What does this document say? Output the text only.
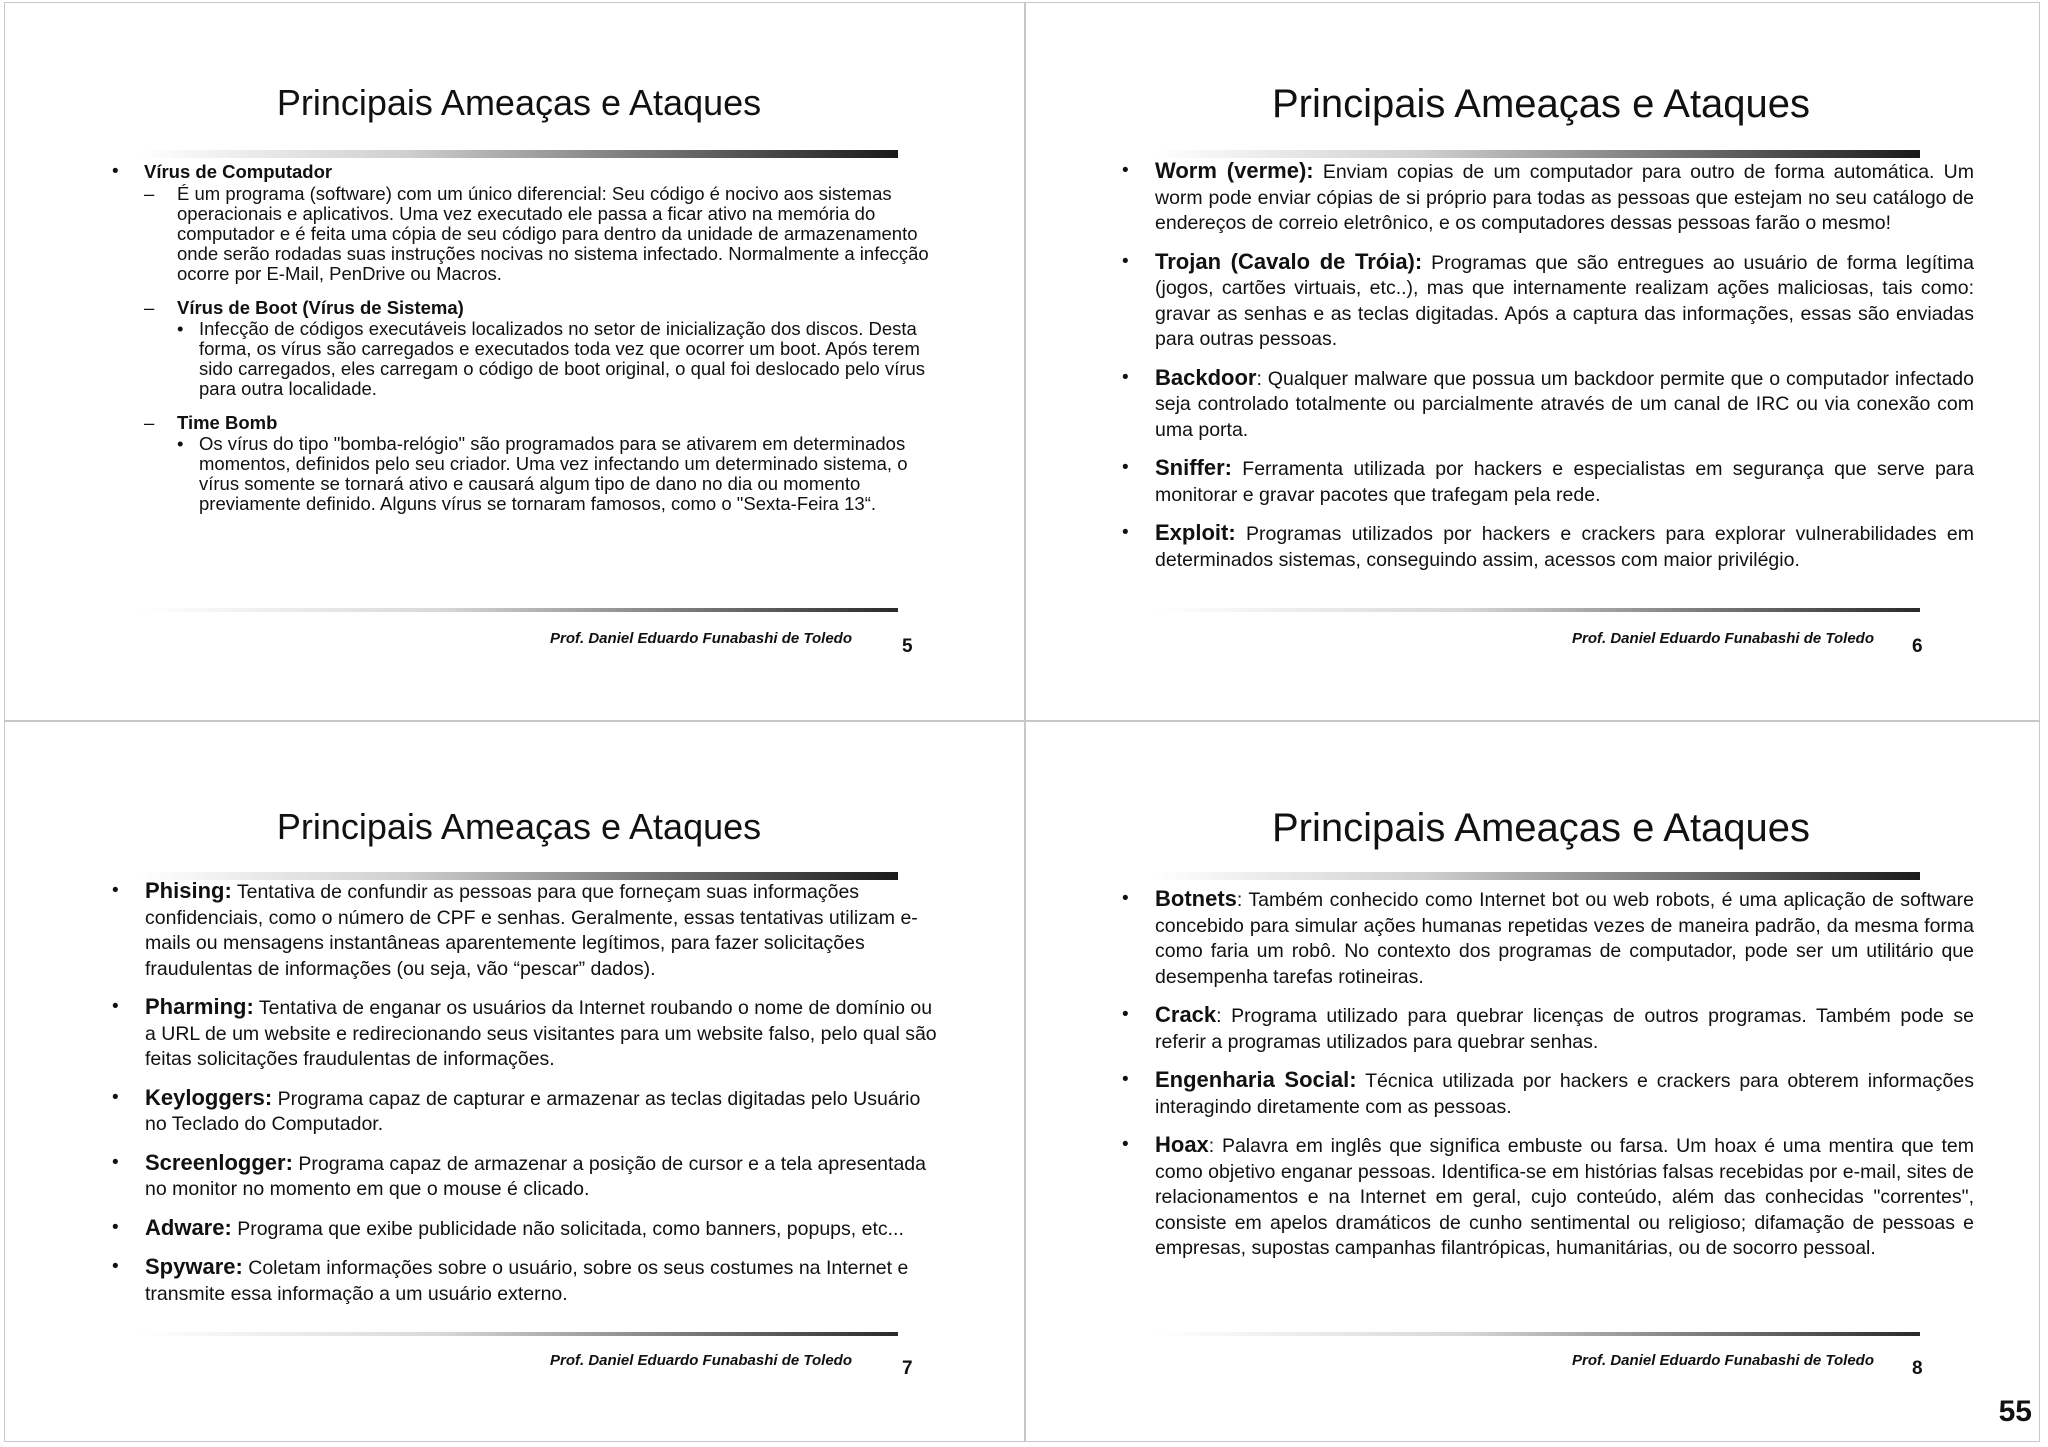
Principais Ameaças e Ataques
• Vírus de Computador
– É um programa (software) com um único diferencial: Seu código é nocivo aos sistemas operacionais e aplicativos. Uma vez executado ele passa a ficar ativo na memória do computador e é feita uma cópia de seu código para dentro da unidade de armazenamento onde serão rodadas suas instruções nocivas no sistema infectado. Normalmente a infecção ocorre por E-Mail, PenDrive ou Macros.
– Vírus de Boot (Vírus de Sistema)
• Infecção de códigos executáveis localizados no setor de inicialização dos discos. Desta forma, os vírus são carregados e executados toda vez que ocorrer um boot. Após terem sido carregados, eles carregam o código de boot original, o qual foi deslocado pelo vírus para outra localidade.
– Time Bomb
• Os vírus do tipo "bomba-relógio" são programados para se ativarem em determinados momentos, definidos pelo seu criador. Uma vez infectando um determinado sistema, o vírus somente se tornará ativo e causará algum tipo de dano no dia ou momento previamente definido. Alguns vírus se tornaram famosos, como o "Sexta-Feira 13“.
Prof. Daniel Eduardo Funabashi de Toledo	5
Principais Ameaças e Ataques
• Worm (verme): Enviam copias de um computador para outro de forma automática. Um worm pode enviar cópias de si próprio para todas as pessoas que estejam no seu catálogo de endereços de correio eletrônico, e os computadores dessas pessoas farão o mesmo!
• Trojan (Cavalo de Tróia): Programas que são entregues ao usuário de forma legítima (jogos, cartões virtuais, etc..), mas que internamente realizam ações maliciosas, tais como: gravar as senhas e as teclas digitadas. Após a captura das informações, essas são enviadas para outras pessoas.
• Backdoor: Qualquer malware que possua um backdoor permite que o computador infectado seja controlado totalmente ou parcialmente através de um canal de IRC ou via conexão com uma porta.
• Sniffer: Ferramenta utilizada por hackers e especialistas em segurança que serve para monitorar e gravar pacotes que trafegam pela rede.
• Exploit: Programas utilizados por hackers e crackers para explorar vulnerabilidades em determinados sistemas, conseguindo assim, acessos com maior privilégio.
Prof. Daniel Eduardo Funabashi de Toledo 6
Principais Ameaças e Ataques
• Phising: Tentativa de confundir as pessoas para que forneçam suas informações confidenciais, como o número de CPF e senhas. Geralmente, essas tentativas utilizam e-mails ou mensagens instantâneas aparentemente legítimos, para fazer solicitações fraudulentas de informações (ou seja, vão “pescar” dados).
• Pharming: Tentativa de enganar os usuários da Internet roubando o nome de domínio ou a URL de um website e redirecionando seus visitantes para um website falso, pelo qual são feitas solicitações fraudulentas de informações.
• Keyloggers: Programa capaz de capturar e armazenar as teclas digitadas pelo Usuário no Teclado do Computador.
• Screenlogger: Programa capaz de armazenar a posição de cursor e a tela apresentada no monitor no momento em que o mouse é clicado.
• Adware: Programa que exibe publicidade não solicitada, como banners, popups, etc...
• Spyware: Coletam informações sobre o usuário, sobre os seus costumes na Internet e transmite essa informação a um usuário externo.
Prof. Daniel Eduardo Funabashi de Toledo	7
Principais Ameaças e Ataques
• Botnets: Também conhecido como Internet bot ou web robots, é uma aplicação de software concebido para simular ações humanas repetidas vezes de maneira padrão, da mesma forma como faria um robô. No contexto dos programas de computador, pode ser um utilitário que desempenha tarefas rotineiras.
• Crack: Programa utilizado para quebrar licenças de outros programas. Também pode se referir a programas utilizados para quebrar senhas.
• Engenharia Social: Técnica utilizada por hackers e crackers para obterem informações interagindo diretamente com as pessoas.
• Hoax: Palavra em inglês que significa embuste ou farsa. Um hoax é uma mentira que tem como objetivo enganar pessoas. Identifica-se em histórias falsas recebidas por e-mail, sites de relacionamentos e na Internet em geral, cujo conteúdo, além das conhecidas "correntes", consiste em apelos dramáticos de cunho sentimental ou religioso; difamação de pessoas e empresas, supostas campanhas filantrópicas, humanitárias, ou de socorro pessoal.
Prof. Daniel Eduardo Funabashi de Toledo 8
55
